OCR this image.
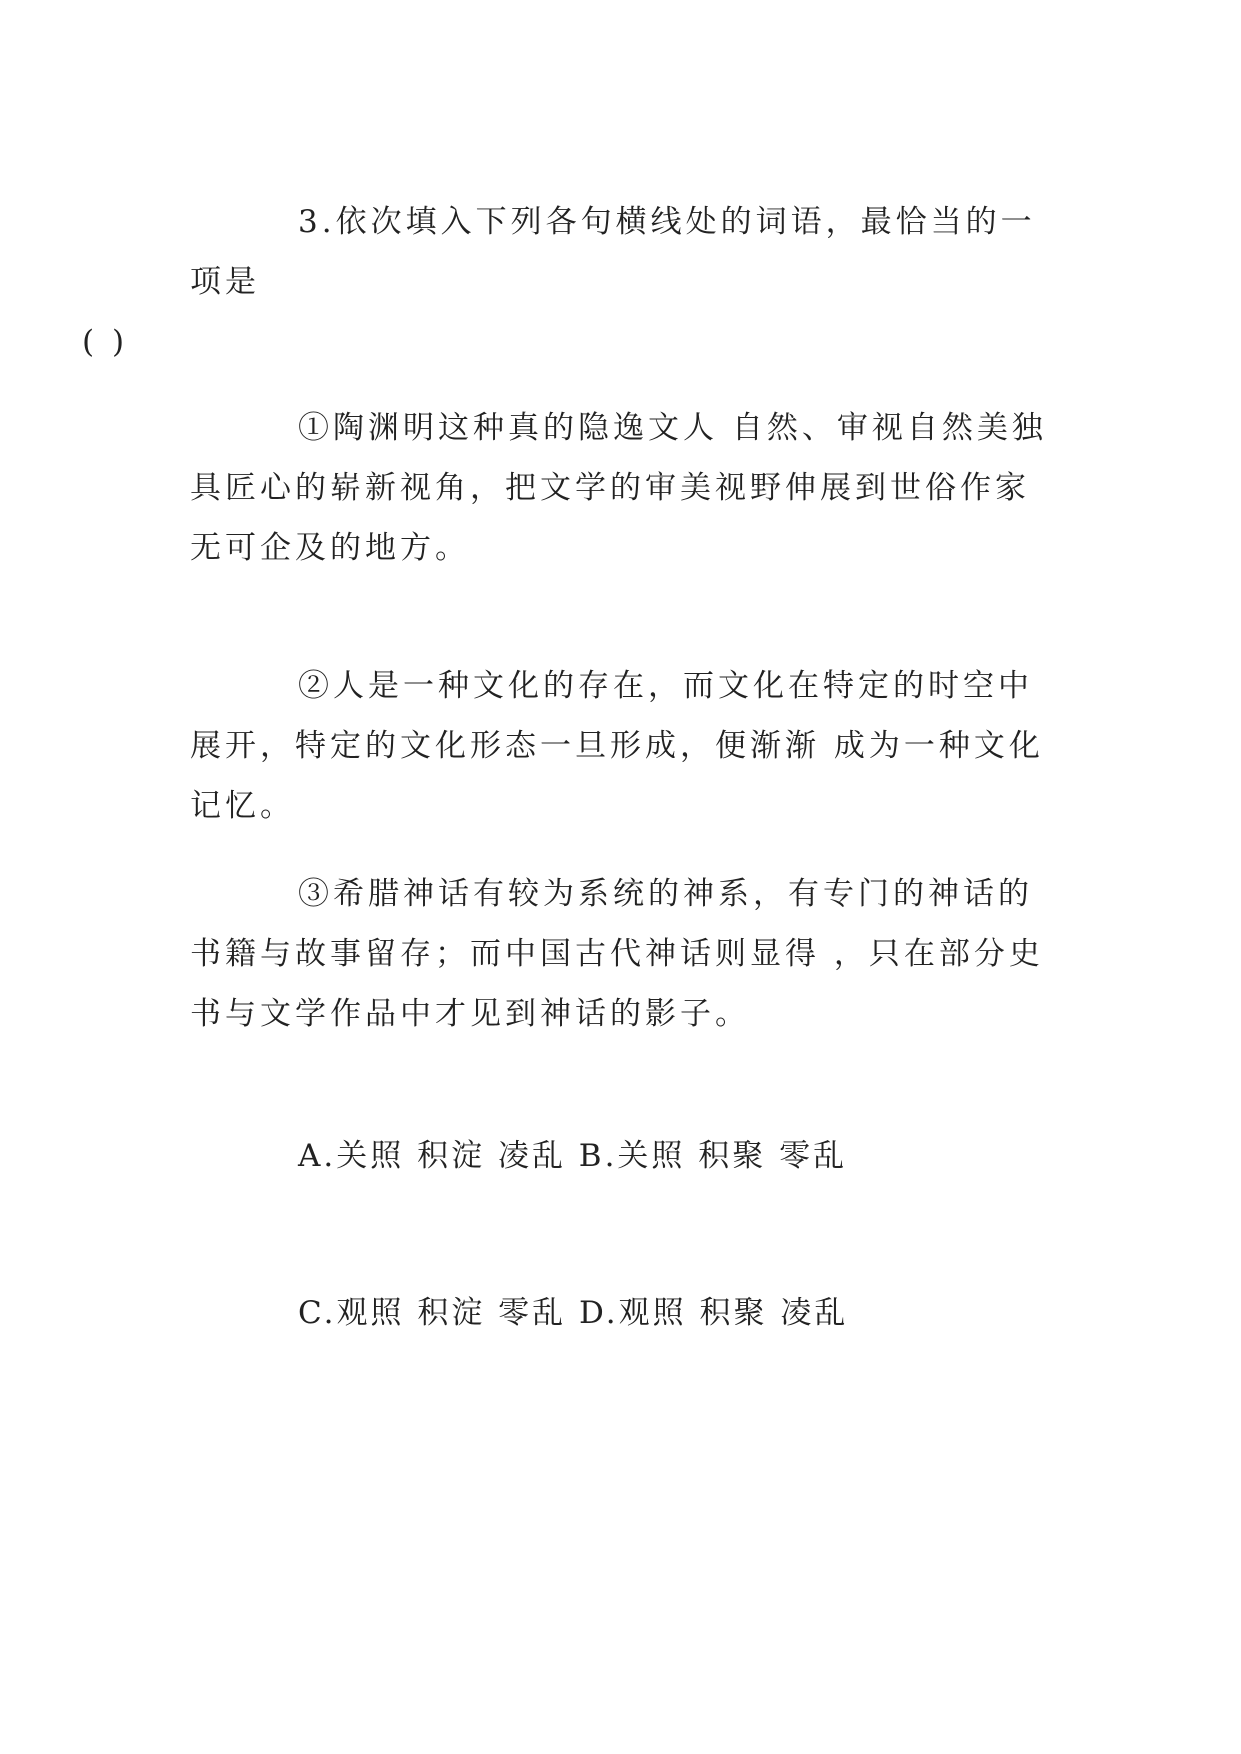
3.依次填入下列各句横线处的词语，最恰当的一项是
( )

①陶渊明这种真的隐逸文人 自然、审视自然美独具匠心的崭新视角，把文学的审美视野伸展到世俗作家无可企及的地方。

②人是一种文化的存在，而文化在特定的时空中展开，特定的文化形态一旦形成，便渐渐 成为一种文化记忆。

③希腊神话有较为系统的神系，有专门的神话的书籍与故事留存；而中国古代神话则显得 ，只在部分史书与文学作品中才见到神话的影子。

A.关照 积淀 凌乱 B.关照 积聚 零乱

C.观照 积淀 零乱 D.观照 积聚 凌乱
